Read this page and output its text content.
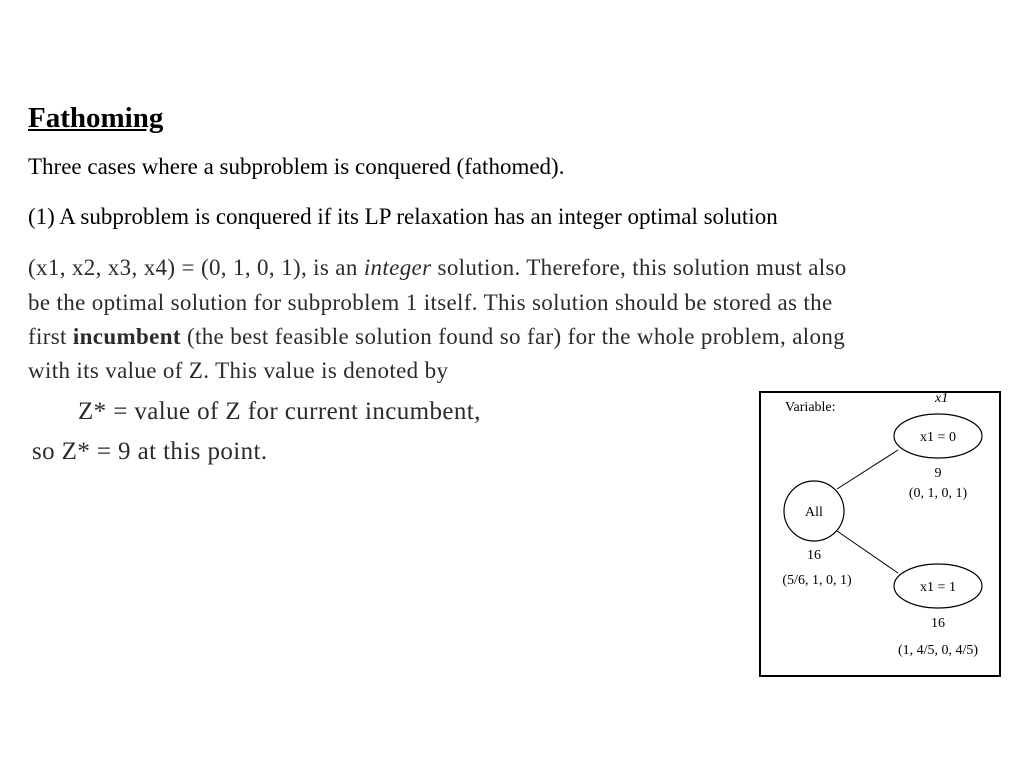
Fathoming
Three cases where a subproblem is conquered (fathomed).
(1) A subproblem is conquered if its LP relaxation has an integer optimal solution
(x1, x2, x3, x4) = (0, 1, 0, 1), is an integer solution. Therefore, this solution must also
be the optimal solution for subproblem 1 itself. This solution should be stored as the
first incumbent (the best feasible solution found so far) for the whole problem, along
with its value of Z. This value is denoted by
Z* = value of Z for current incumbent,
so Z* = 9 at this point.
Variable:
x1
All
16
(5/6, 1, 0, 1)
x1 = 0
9
(0, 1, 0, 1)
x1 = 1
16
(1, 4/5, 0, 4/5)
